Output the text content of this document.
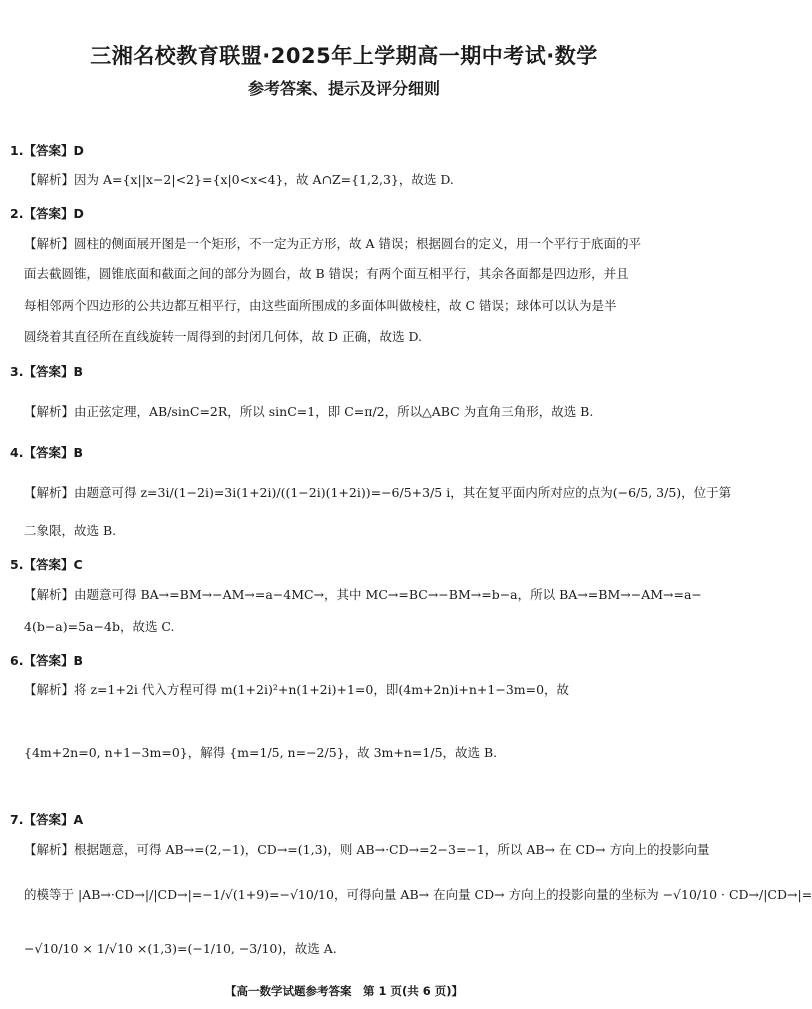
三湘名校教育联盟·2025年上学期高一期中考试·数学
参考答案、提示及评分细则
1.【答案】D
【解析】因为 A={x||x−2|<2}={x|0<x<4}，故 A∩Z={1,2,3}，故选 D.
2.【答案】D
【解析】圆柱的侧面展开图是一个矩形，不一定为正方形，故 A 错误；根据圆台的定义，用一个平行于底面的平
面去截圆锥，圆锥底面和截面之间的部分为圆台，故 B 错误；有两个面互相平行，其余各面都是四边形，并且
每相邻两个四边形的公共边都互相平行，由这些面所围成的多面体叫做棱柱，故 C 错误；球体可以认为是半
圆绕着其直径所在直线旋转一周得到的封闭几何体，故 D 正确，故选 D.
3.【答案】B
【解析】由正弦定理，AB/sinC=2R，所以 sinC=1，即 C=π/2，所以△ABC 为直角三角形，故选 B.
4.【答案】B
【解析】由题意可得 z=3i/(1−2i)=3i(1+2i)/((1−2i)(1+2i))=−6/5+3/5 i，其在复平面内所对应的点为(−6/5, 3/5)，位于第
二象限，故选 B.
5.【答案】C
【解析】由题意可得 BA→=BM→−AM→=a−4MC→，其中 MC→=BC→−BM→=b−a，所以 BA→=BM→−AM→=a−
4(b−a)=5a−4b，故选 C.
6.【答案】B
【解析】将 z=1+2i 代入方程可得 m(1+2i)²+n(1+2i)+1=0，即(4m+2n)i+n+1−3m=0，故
{4m+2n=0, n+1−3m=0}，解得 {m=1/5, n=−2/5}，故 3m+n=1/5，故选 B.
7.【答案】A
【解析】根据题意，可得 AB→=(2,−1)，CD→=(1,3)，则 AB→·CD→=2−3=−1，所以 AB→ 在 CD→ 方向上的投影向量
的模等于 |AB→·CD→|/|CD→|=−1/√(1+9)=−√10/10，可得向量 AB→ 在向量 CD→ 方向上的投影向量的坐标为 −√10/10 · CD→/|CD→|=
−√10/10 × 1/√10 ×(1,3)=(−1/10, −3/10)，故选 A.
【高一数学试题参考答案　第 1 页(共 6 页)】
